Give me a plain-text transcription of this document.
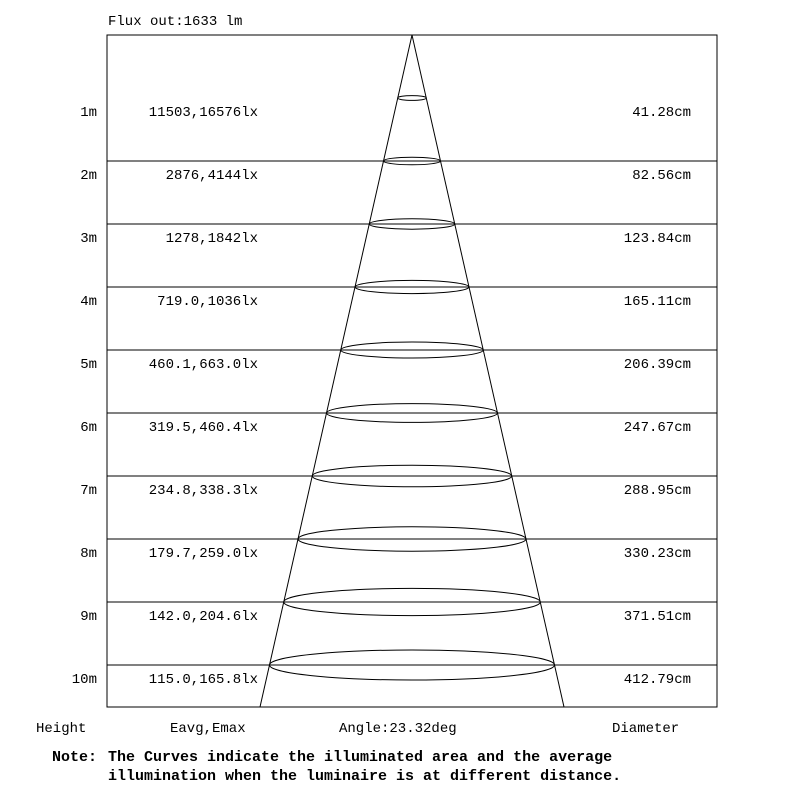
Flux out:1633 lm
1m	11503,16576lx	41.28cm
2m	2876,4144lx	82.56cm
3m	1278,1842lx	123.84cm
4m	719.0,1036lx	165.11cm
5m	460.1,663.0lx	206.39cm
6m	319.5,460.4lx	247.67cm
7m	234.8,338.3lx	288.95cm
8m	179.7,259.0lx	330.23cm
9m	142.0,204.6lx	371.51cm
10m	115.0,165.8lx	412.79cm
Height	Eavg,Emax	Angle:23.32deg	Diameter
Note: The Curves indicate the illuminated area and the average
illumination when the luminaire is at different distance.
